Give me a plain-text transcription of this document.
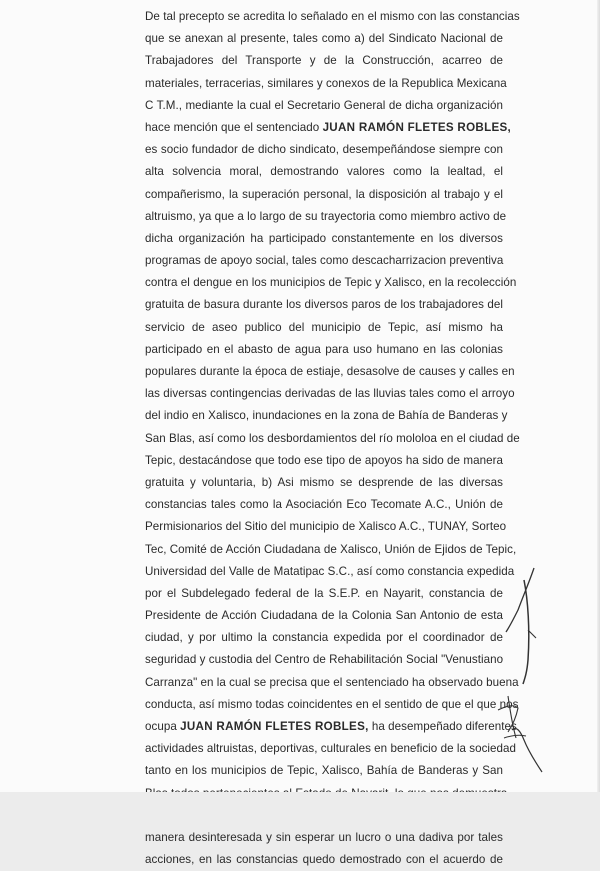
De tal precepto se acredita lo señalado en el mismo con las constancias
que se anexan al presente, tales como a) del Sindicato Nacional de
Trabajadores del Transporte y de la Construcción, acarreo de
materiales, terracerias, similares y conexos de la Republica Mexicana
C T.M., mediante la cual el Secretario General de dicha organización
hace mención que el sentenciado JUAN RAMÓN FLETES ROBLES,
es socio fundador de dicho sindicato, desempeñándose siempre con
alta solvencia moral, demostrando valores como la lealtad, el
compañerismo, la superación personal, la disposición al trabajo y el
altruismo, ya que a lo largo de su trayectoria como miembro activo de
dicha organización ha participado constantemente en los diversos
programas de apoyo social, tales como descacharrizacion preventiva
contra el dengue en los municipios de Tepic y Xalisco, en la recolección
gratuita de basura durante los diversos paros de los trabajadores del
servicio de aseo publico del municipio de Tepic, así mismo ha
participado en el abasto de agua para uso humano en las colonias
populares durante la época de estiaje, desasolve de causes y calles en
las diversas contingencias derivadas de las lluvias tales como el arroyo
del indio en Xalisco, inundaciones en la zona de Bahía de Banderas y
San Blas, así como los desbordamientos del río mololoa en el ciudad de
Tepic, destacándose que todo ese tipo de apoyos ha sido de manera
gratuita y voluntaria, b) Asi mismo se desprende de las diversas
constancias tales como la Asociación Eco Tecomate A.C., Unión de
Permisionarios del Sitio del municipio de Xalisco A.C., TUNAY, Sorteo
Tec, Comité de Acción Ciudadana de Xalisco, Unión de Ejidos de Tepic,
Universidad del Valle de Matatipac S.C., así como constancia expedida
por el Subdelegado federal de la S.E.P. en Nayarit, constancia de
Presidente de Acción Ciudadana de la Colonia San Antonio de esta
ciudad, y por ultimo la constancia expedida por el coordinador de
seguridad y custodia del Centro de Rehabilitación Social "Venustiano
Carranza" en la cual se precisa que el sentenciado ha observado buena
conducta, así mismo todas coincidentes en el sentido de que el que nos
ocupa JUAN RAMÓN FLETES ROBLES, ha desempeñado diferentes
actividades altruistas, deportivas, culturales en beneficio de la sociedad
tanto en los municipios de Tepic, Xalisco, Bahía de Banderas y San
manera desinteresada y sin esperar un lucro o una dadiva por tales
acciones, en las constancias quedo demostrado con el acuerdo de
